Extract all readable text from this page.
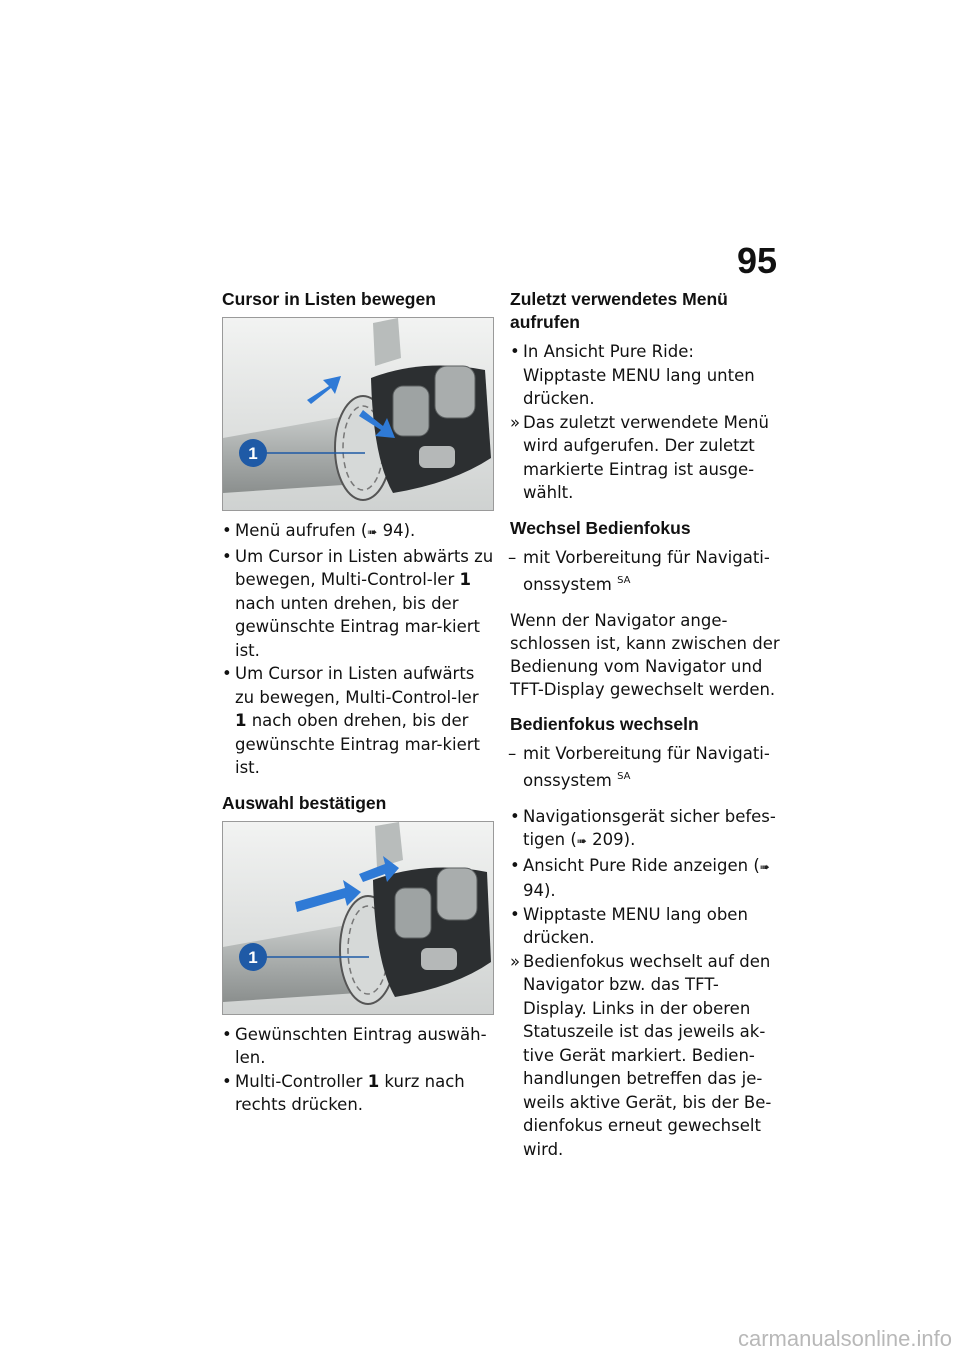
95
Cursor in Listen bewegen
1
• Menü aufrufen (➠ 94).
• Um Cursor in Listen abwärts zu bewegen, Multi-Control-ler 1 nach unten drehen, bis der gewünschte Eintrag mar-kiert ist.
• Um Cursor in Listen aufwärts zu bewegen, Multi-Control-ler 1 nach oben drehen, bis der gewünschte Eintrag mar-kiert ist.
Auswahl bestätigen
1
• Gewünschten Eintrag auswäh-len.
• Multi-Controller 1 kurz nach rechts drücken.
Zuletzt verwendetes Menü aufrufen
• In Ansicht Pure Ride: Wipptaste MENU lang unten drücken.
» Das zuletzt verwendete Menü wird aufgerufen. Der zuletzt markierte Eintrag ist ausge-wählt.
Wechsel Bedienfokus
– mit Vorbereitung für Navigati-onssystem $^{SA}$

Wenn der Navigator ange-schlossen ist, kann zwischen der Bedienung vom Navigator und TFT-Display gewechselt werden.

Bedienfokus wechseln
– mit Vorbereitung für Navigati-onssystem $^{SA}$
• Navigationsgerät sicher befes-tigen (➠ 209).
• Ansicht Pure Ride anzeigen (➠ 94).
• Wipptaste MENU lang oben drücken.
» Bedienfokus wechselt auf den Navigator bzw. das TFT-Display. Links in der oberen Statuszeile ist das jeweils ak-tive Gerät markiert. Bedien-handlungen betreffen das je-weils aktive Gerät, bis der Be-dienfokus erneut gewechselt wird.
carmanualsonline.info
